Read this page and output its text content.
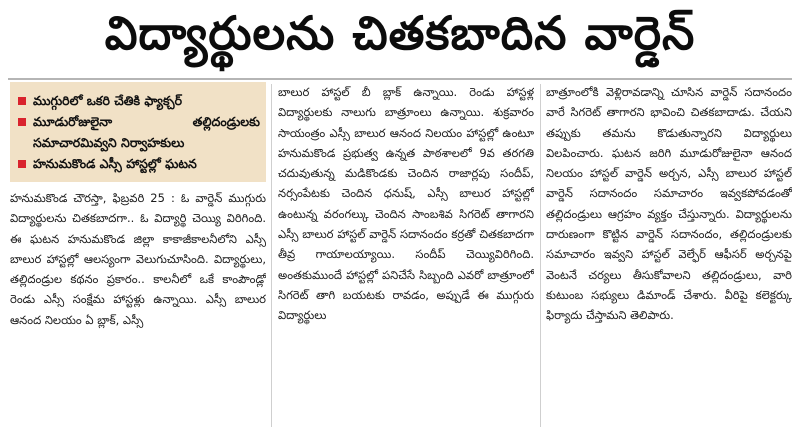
విద్యార్థులను చితకబాదిన వార్డెన్
ముగ్గురిలో ఒకరి చేతికి ఫ్యాక్చర్
మూడురోజులైనా తల్లిదండ్రులకు సమాచారమివ్వని నిర్వాహకులు
హనుమకొండ ఎస్సీ హాస్టల్లో ఘటన

హనుమకొండ చౌరస్తా, ఫిబ్రవరి 25 : ఓ వార్డెన్ ముగ్గురు విద్యార్థులను చితకబాదగా.. ఓ విద్యార్థి చెయ్యి విరిగింది. ఈ ఘటన హనుమకొండ జిల్లా కాకాజీకాలనీలోని ఎస్సీ బాలుర హాస్టల్లో ఆలస్యంగా వెలుగుచూసింది. విద్యార్థులు, తల్లిదండ్రుల కథనం ప్రకారం.. కాలనీలో ఒకే కాంపౌండ్లో రెండు ఎస్సీ సంక్షేమ హాస్టళ్లు ఉన్నాయి. ఎస్సీ బాలుర ఆనంద నిలయం ఏ బ్లాక్, ఎస్సీ

బాలుర హాస్టల్ బీ బ్లాక్ ఉన్నాయి. రెండు హాస్టళ్ల విద్యార్థులకు నాలుగు బాత్రూంలు ఉన్నాయి. శుక్రవారం సాయంత్రం ఎస్సీ బాలుర ఆనంద నిలయం హాస్టల్లో ఉంటూ హనుమకొండ ప్రభుత్వ ఉన్నత పాఠశాలలో 9వ తరగతి చదువుతున్న మడికొండకు చెందిన రాజార్లపు సందీప్, నర్సంపేటకు చెందిన ధనుష్, ఎస్సీ బాలుర హాస్టల్లో ఉంటున్న వరంగల్కు చెందిన సాంబశివ సిగరెట్ తాగారని ఎస్సీ బాలుర హాస్టల్ వార్డెన్ సదానందం కర్రతో చితకబాదగా తీవ్ర గాయాలయ్యాయి. సందీప్ చెయ్యివిరిగింది. అంతకుముందే హాస్టల్లో పనిచేసే సిబ్బంది ఎవరో బాత్రూంలో సిగరెట్ తాగి బయటకు రావడం, అప్పుడే ఈ ముగ్గురు విద్యార్థులు

బాత్రూంలోకి వెళ్లిరావడాన్ని చూసిన వార్డెన్ సదానందం వారే సిగరెట్ తాగారని భావించి చితకబాదాడు. చేయని తప్పుకు తమను కొడుతున్నారని విద్యార్థులు విలపించారు. ఘటన జరిగి మూడురోజులైనా ఆనంద నిలయం హాస్టల్ వార్డెన్ అర్చన, ఎస్సీ బాలుర హాస్టల్ వార్డెన్ సదానందం సమాచారం ఇవ్వకపోవడంతో తల్లిదండ్రులు ఆగ్రహం వ్యక్తం చేస్తున్నారు. విద్యార్థులను దారుణంగా కొట్టిన వార్డెన్ సదానందం, తల్లిదండ్రులకు సమాచారం ఇవ్వని హాస్టల్ వెల్ఫేర్ ఆఫీసర్ అర్చనపై వెంటనే చర్యలు తీసుకోవాలని తల్లిదండ్రులు, వారి కుటుంబ సభ్యులు డిమాండ్ చేశారు. వీరిపై కలెక్టర్కు ఫిర్యాదు చేస్తామని తెలిపారు.
